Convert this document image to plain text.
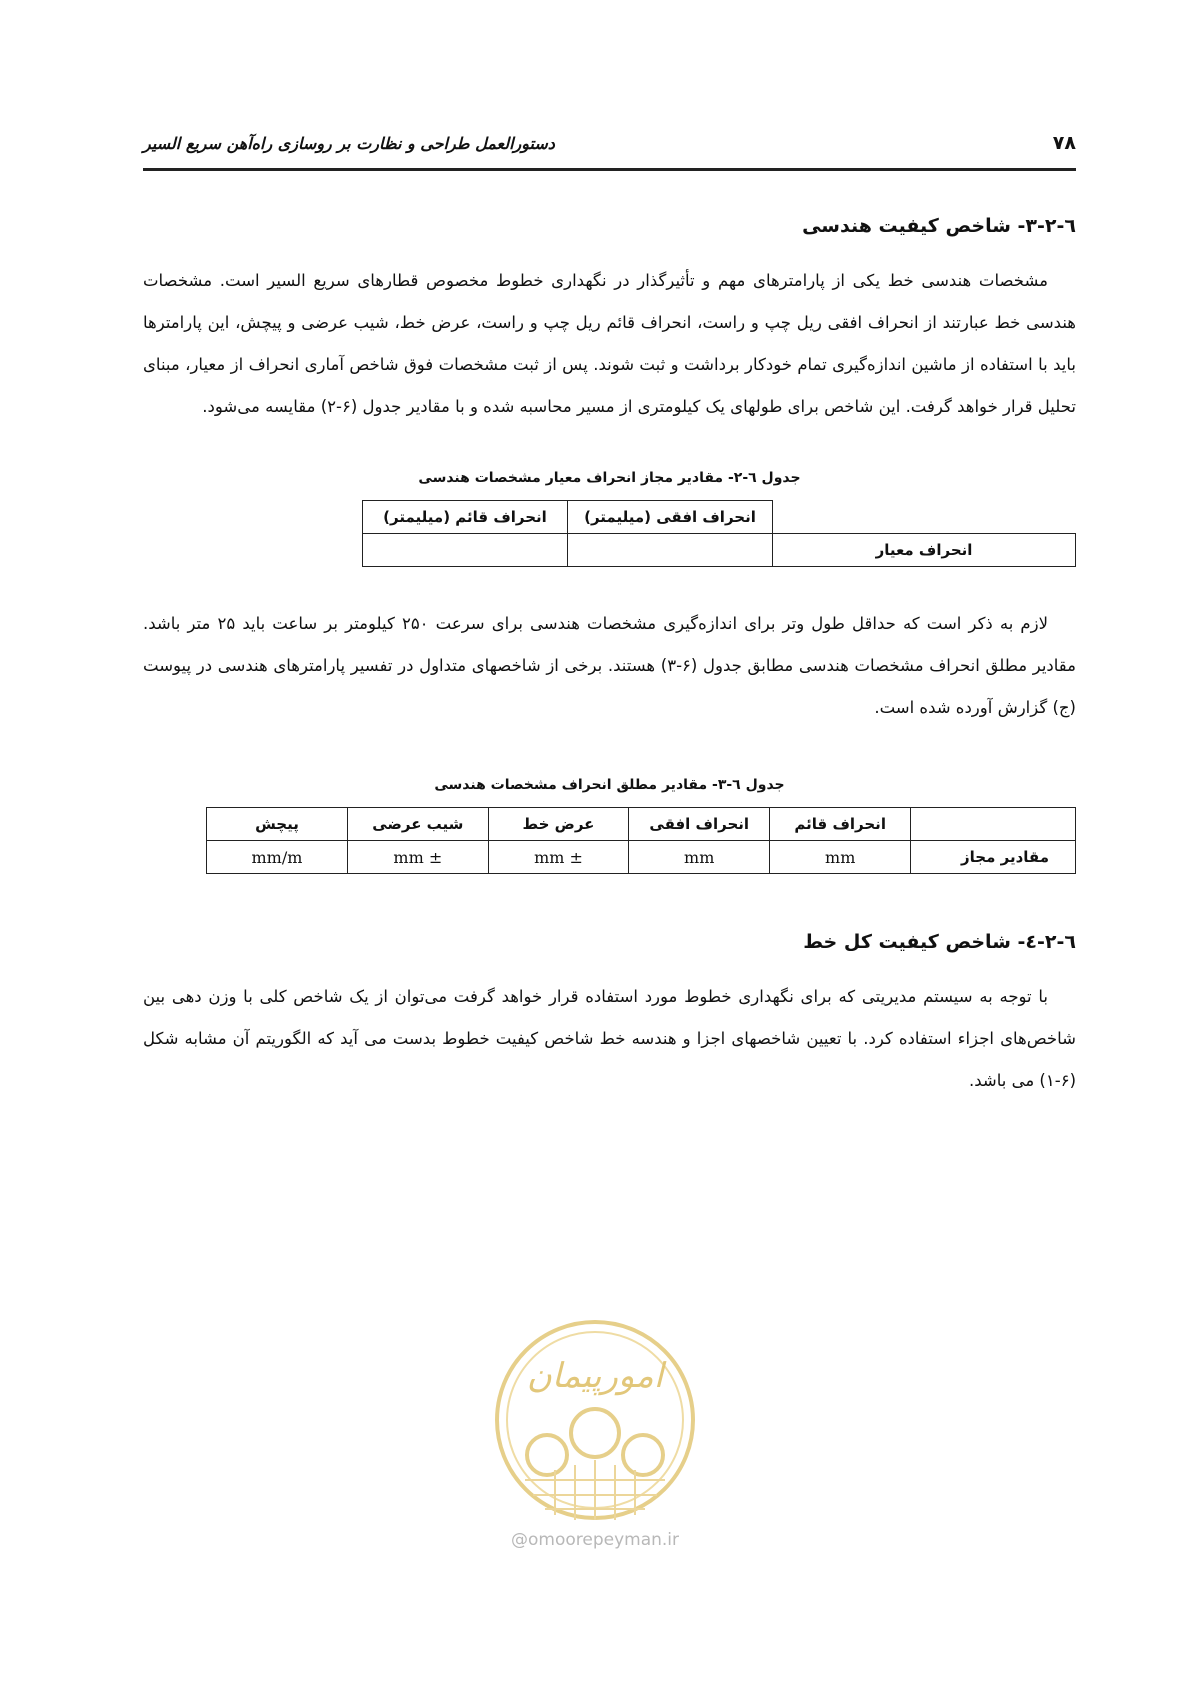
دستورالعمل طراحی و نظارت بر روسازی راه‌آهن سریع السیر	۷۸
٦-٢-٣- شاخص کیفیت هندسی

مشخصات هندسی خط یکی از پارامترهای مهم و تأثیرگذار در نگهداری خطوط مخصوص قطارهای سریع السیر است. مشخصات هندسی خط عبارتند از انحراف افقی ریل چپ و راست، انحراف قائم ریل چپ و راست، عرض خط، شیب عرضی و پیچش، این پارامترها باید با استفاده از ماشین اندازه‌گیری تمام خودکار برداشت و ثبت شوند. پس از ثبت مشخصات فوق شاخص آماری انحراف از معیار، مبنای تحلیل قرار خواهد گرفت. این شاخص برای طولهای یک کیلومتری از مسیر محاسبه شده و با مقادیر جدول (۶-۲) مقایسه می‌شود.

جدول ٦-٢- مقادیر مجاز انحراف معیار مشخصات هندسی

	انحراف افقی (میلیمتر)	انحراف قائم (میلیمتر)
انحراف معیار		

لازم به ذکر است که حداقل طول وتر برای اندازه‌گیری مشخصات هندسی برای سرعت ۲۵۰ کیلومتر بر ساعت باید ۲۵ متر باشد. مقادیر مطلق انحراف مشخصات هندسی مطابق جدول (۶-۳) هستند. برخی از شاخصهای متداول در تفسیر پارامترهای هندسی در پیوست (ج) گزارش آورده شده است.

جدول ٦-٣- مقادیر مطلق انحراف مشخصات هندسی

	انحراف قائم	انحراف افقی	عرض خط	شیب عرضی	پیچش
مقادیر مجاز	mm	mm	± mm	± mm	mm/m
٦-٢-٤- شاخص کیفیت کل خط

با توجه به سیستم مدیریتی که برای نگهداری خطوط مورد استفاده قرار خواهد گرفت می‌توان از یک شاخص کلی با وزن دهی بین شاخص‌های اجزاء استفاده کرد. با تعیین شاخصهای اجزا و هندسه خط شاخص کیفیت خطوط بدست می آید که الگوریتم آن مشابه شکل (۶-۱) می باشد.

امورپیمان
@omoorepeyman.ir
